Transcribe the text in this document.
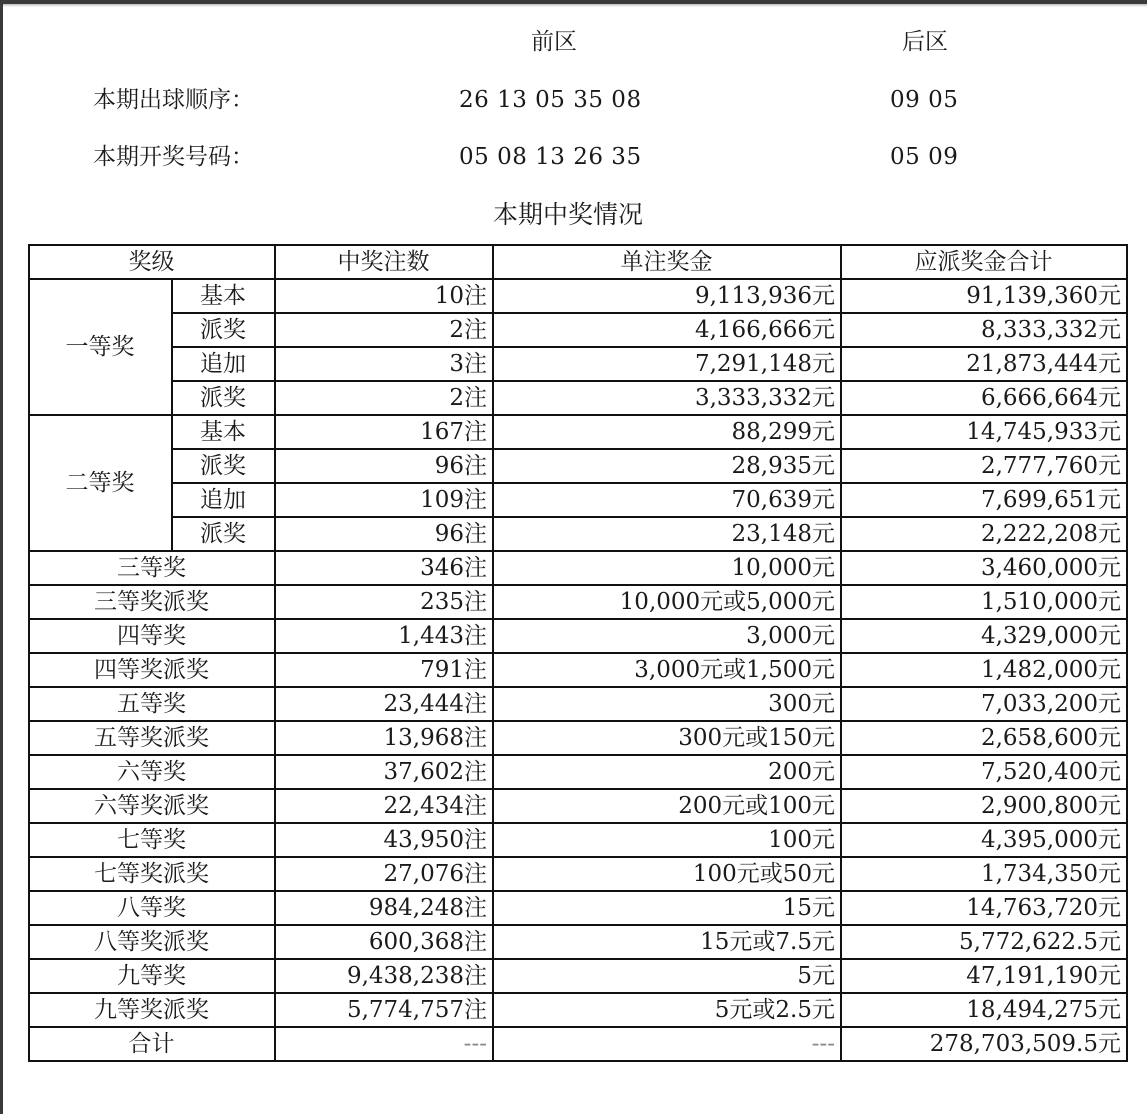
前区	后区
本期出球顺序：	26 13 05 35 08	09 05
本期开奖号码：	05 08 13 26 35	05 09
本期中奖情况
奖级		中奖注数	单注奖金	应派奖金合计
一等奖	基本	10注	9,113,936元	91,139,360元
	派奖	2注	4,166,666元	8,333,332元
	追加	3注	7,291,148元	21,873,444元
	派奖	2注	3,333,332元	6,666,664元
二等奖	基本	167注	88,299元	14,745,933元
	派奖	96注	28,935元	2,777,760元
	追加	109注	70,639元	7,699,651元
	派奖	96注	23,148元	2,222,208元
三等奖		346注	10,000元	3,460,000元
三等奖派奖		235注	10,000元或5,000元	1,510,000元
四等奖		1,443注	3,000元	4,329,000元
四等奖派奖		791注	3,000元或1,500元	1,482,000元
五等奖		23,444注	300元	7,033,200元
五等奖派奖		13,968注	300元或150元	2,658,600元
六等奖		37,602注	200元	7,520,400元
六等奖派奖		22,434注	200元或100元	2,900,800元
七等奖		43,950注	100元	4,395,000元
七等奖派奖		27,076注	100元或50元	1,734,350元
八等奖		984,248注	15元	14,763,720元
八等奖派奖		600,368注	15元或7.5元	5,772,622.5元
九等奖		9,438,238注	5元	47,191,190元
九等奖派奖		5,774,757注	5元或2.5元	18,494,275元
合计		---	---	278,703,509.5元
